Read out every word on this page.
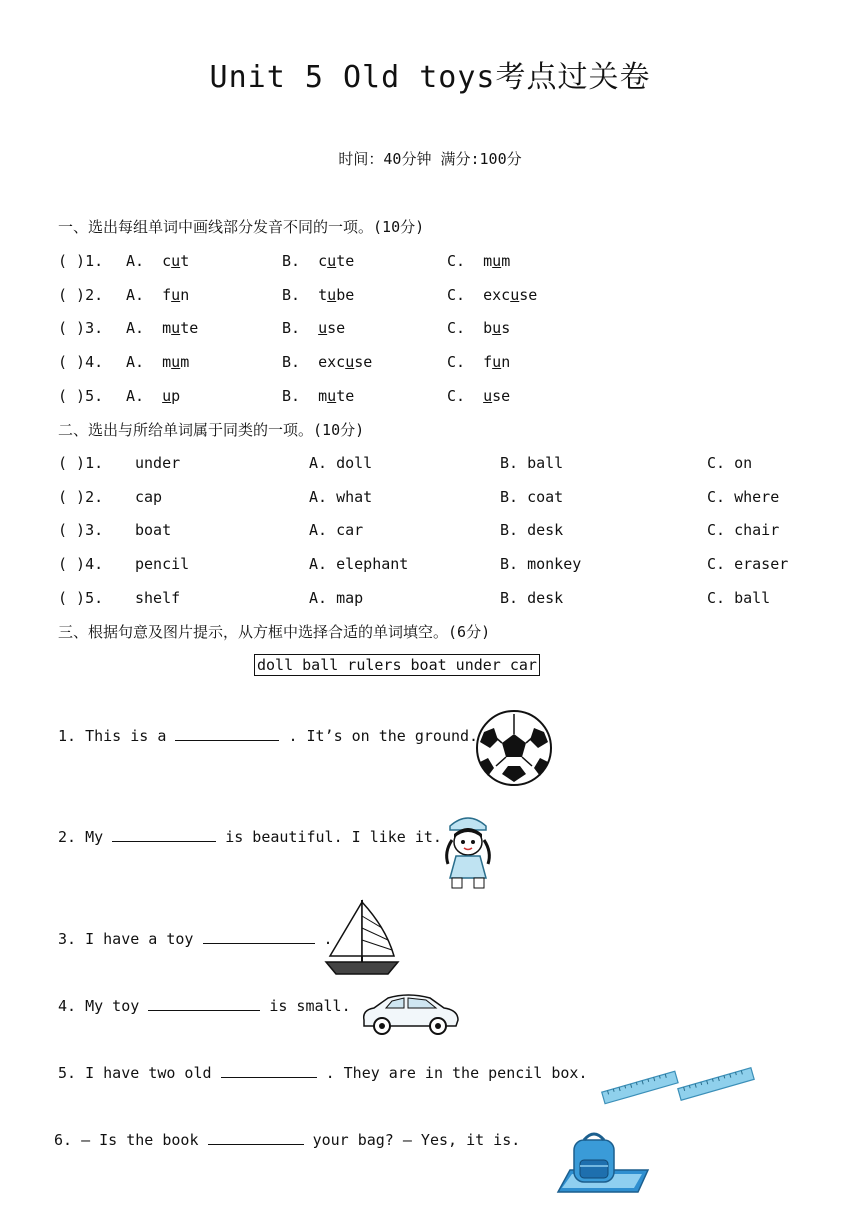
Unit 5 Old toys考点过关卷
时间：40分钟 满分:100分
一、选出每组单词中画线部分发音不同的一项。(10分)
( )1. A. cut	B. cute	C. mum
( )2. A. fun	B. tube	C. excuse
( )3. A. mute	B. use	C. bus
( )4. A. mum	B. excuse	C. fun
( )5. A. up	B. mute	C. use
二、选出与所给单词属于同类的一项。(10分)
( )1. under	A. doll	B. ball	C. on
( )2. cap	A. what	B. coat	C. where
( )3. boat	A. car	B. desk	C. chair
( )4. pencil	A. elephant	B. monkey	C. eraser
( )5. shelf	A. map	B. desk	C. ball
三、根据句意及图片提示，从方框中选择合适的单词填空。(6分)
doll ball rulers boat under car
1. This is a	. It’s on the ground.
2. My	is beautiful. I like it.
3. I have a toy	.
4. My toy	is small.
5. I have two old	. They are in the pencil box.
6. — Is the book	your bag? — Yes, it is.
